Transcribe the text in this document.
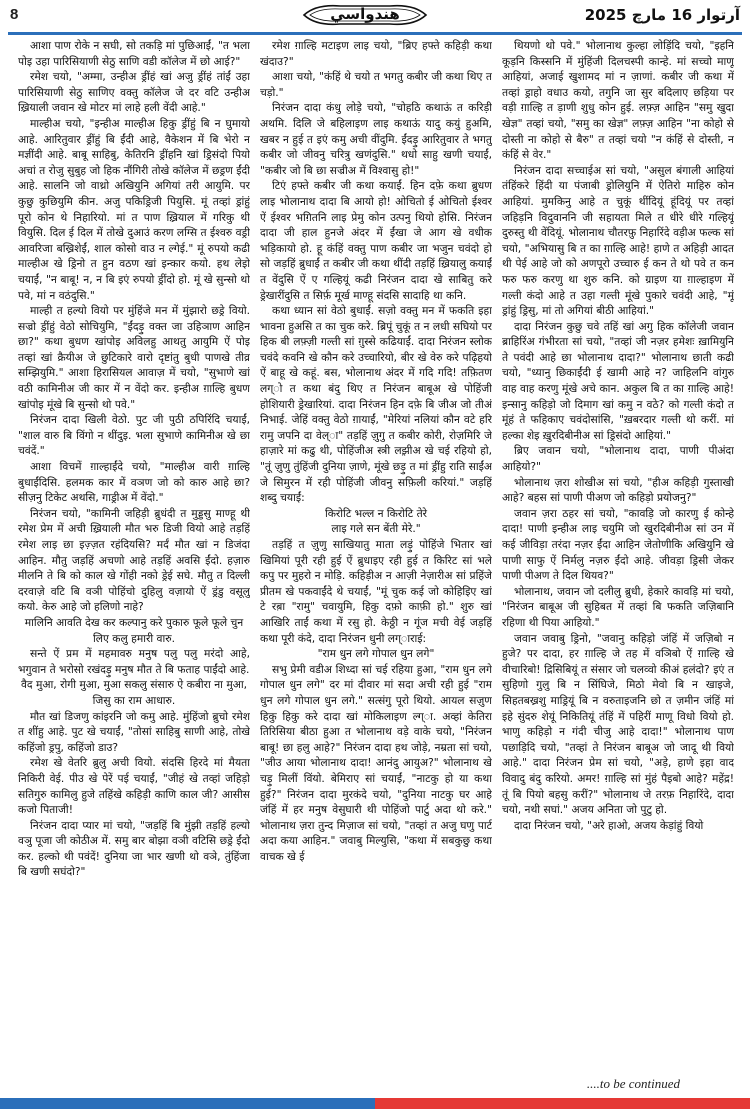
8	هندواسي	آرتوار 16 مارچ 2025

आशा पाण रोके न सघी, सो तकड़ि मां पुछिआईं, "त भला पोइ उहा पारिसियाणी सेठु साणि वडी कॉलेज में छो आई?"

रमेश चयो, "अम्मा, उन्हीअ ड्रींहं खां अजु ड्रींहं तांईं उहा पारिसियाणी सेठु साणिए वक्तु कॉलेज जे दर वटि उन्हीअ ख़्रियाली जवान खे मोटर मां लाहे हली वेंदी आहे."

माल्हीअ चयो, "इन्हीअ माल्हीअ हिकु ड्रींहुं बि न घुमायो आहे. आरितुवार ड्रींहुं बि ईंदी आहे, वैकेशन में बि भेरो न मज्ञींदी आहे. बाबू साहिबु, केतिरनि ड्रींहनि खां ड्रिसंदो पियो अचां त रोजु सुबुह जो हिक नौंगिरी तोखे कॉलेज में छड्रण ईंदी आहे. सालनि जो वाथ्रो अखियुनि अगियां तरी आयुमि. पर कुछु कुछियुमि कीन. अजु पकिड्रिजी पियुसि. मूं तव्हां ड्रांहुं पूरो कोन थे निहारियो. मां त पाण ख़्रियाल में गरिकु थी वियुसि. दिल ई दिल में तोखे दुआउं करण लग्सि त ईश्वरु वड्री आवरिजा बख्रिशेईं, शाल कोसो वाउ न ल्गेई." मूं रुपयो कढी माल्हीअ खे ड्रिनो त हुन वठण खां इन्कार कयो. हथ लेइो चयाईं, "न बाबू! न, न बि इएं रुपयो ड्रींदो हो. मूं खे सुन्सो थो पवे, मां न वठंदुसि."

माल्ही त हल्यो वियो पर मुंहिंजे मन में मुंझारो छड्रे वियो. सज्रो ड्रींहुं वेठो सोचियुमि, "ईंदड़ु वक्त जा उहिञाण आहिन छा?" कथा बुधण खांपोइ अविलहु आथतु आयुमि ऐं पोइ तव्हां खां क्रैयीअ जे छुटिकारे वारो दृष्टांतु बुधी पाणखे तीव्र सम्झियुमि." आशा हिरासियल आवाज़ में चयो, "सुभाणे खां वठी कामिनीअ जी कार में न वेंदो कर. इन्हीअ ग़ाल्हि बुधण खांपोइ मूंखे बि सुन्सो थो पवे."

निरंजन दादा खिली वेठो. पुट जी पुठी ठपिरिंदि चयाईं, "शाल वारु बि विंगो न थींदुइ. भला सुभाणे कामिनीअ खे छा चवंदें."

आशा विचमें ग़ाल्हाईंदे चयो, "माल्हीअ वारी ग़ाल्हि बुधाईंदिसि. हलमक कार में वञण जो को कारु आहे छा? सीज़नु टिकेट अथसि, गाड्रीअ में वेंदो."

निरंजन चयो, "कामिनी जहिड़ी ब्रुधंदी त मुड्डसु माण्हू थी रमेश प्रेम में अची ख़्रियाली मौत भरु डिजी वियो आहे तड़हिं रमेश लाइ छा इज़्ज़त रहंदियसि? मर्दं मौत खां न डिजंदा आहिन. मौतु जड़हिं अचणो आहे तड़हिं अवसि ईंदो. हज़ारु मीलनि ते बि को काल खे गोंही नको ड्रेई सघे. मौतु त दिल्ली दरवाज़े वटि बि वञी पोहिंचो दुहिलु वज़ायो ऐं ड्रंडु वसूलु कयो. केरु आहे जो हलिणो नाहे?

मालिनि आवति देख कर कल्पानु करे पुकारु फूले फूले चुन लिए कलु हमारी वारु.

सन्ते ऐं प्रम में महमावरु मनुष पलु पलु मरंदो आहे, भगुवान ते भरोसो रखंदड़ु मनुष मौत ते बि फताह पाईंदो आहे.

वैद मुआ, रोगी मुआ, मुआ सकलु संसारु ऐ कबीरा ना मुआ, जिसु का राम आधारु.

मौत खां डिजणु कांइरनि जो कमु आहे. मुंहिंजो ब्रुचो रमेश त शींहु आहे. पुट खे चयाईं, "तोसां साहिबु साणी आहे, तोखे कहिंजो ड्रपु, कहिंजो डाउ?

रमेश खे वेतरि ब्रुलु अची वियो. संदसि हिरदे मां मैयता निकिरी वेई. पीउ खे पेरें पई चयाईं, "जीहं खे तव्हां जहिड़ो सतिगुरु कामिलु हुजे तहिंखे कहिड़ी काणि काल जी? आसीस कजो पिताजी!

निरंजन दादा प्यार मां चयो, "जड़हिं बि मुंझी तड़हिं हल्यो वञु पूजा जी कोठीअ में. समु बार बोझा वञी वटिसि छड्रे ईंदो कर. हल्को थी पवंदें! दुनिया जा भार खणी थो वञे, तुंहिंजा बि खणी सघंदो?"

रमेश ग़ाल्हि मटाइण लाइ चयो, "ब्रिए हफ्ते कहिड़ी कथा खंदाउ?"

आशा चयो, "कंहिं थे चयो त भगतु कबीर जी कथा थिए त चड़ो."

निरंजन दादा कंधु लोड़े चयो, "चोहठि कथाऊं त करिड़ी अथमि. दिलि जे बहिलाइण लाइ कथाऊं यादु कयुं हुअमि, खबर न हुई त इएं कमु अची वींदुमि. ईंदड़ु आरितुवार ते भगतु कबीर जो जीवनु चरित्रु खणंदुसि." थधो साहु खणी चयाईं, "कबीर जो बि छा सज्रीअ में विश्वासु हो!"

टिएं हफ्ते कबीर जी कथा कयाईं. हिन दफ़े कथा ब्रुधण लाइ भोलानाथ दादा बि आयो हो! ओचितो ई ओचितो ईश्वर ऐं ईश्वर भग़ितनि लाइ प्रेमु कोन उत्पनु थियो होसि. निरंजन दादा जी हाल हुनजे अंदर में ईंखा जे आग खे वधीक भड़िकायो हो. हू कंहिं वक्तु पाण कबीर जा भजुन चवंदो हो सो जड़हिं ब्रुधाईं त कबीर जी कथा थींदी तड़हिं ख़्रियालु कयाईं त वेंदुसि ऐं ए गल्हियूं कढी निरंजन दादा खे साबितु करे ड्रेखारींदुसि त सिर्फ़ मूर्ख माण्हू संदसि सादाहि था कनि.

कथा ध्यान सां वेठो बुधाईं. सज़ो वक्तु मन में फकति इहा भावना हुअसि त का चुक करे. ब्रिपूं चुकूं त न लधी सघियो पर हिक बी लफ़्ज़ी गल्ती सां ग़ुस्से कढियाईं. दादा निरंजन स्लोक चवंदे कवनि खे कौन करे उच्चारियो, बीर खे वेरु करे पढ़िहयो ऐं बाहू खे कहूं. बस, भोलानाथ अंदर में गदि गदि! तफ़ितण लग्ो त कथा बंदु थिए त निरंजन बाबूअ खे पोहिंजी होशियारी ड्रेखारियां. दादा निरंजन हिन दफ़े बि जीअ जो तीअं निभाई. जेहिं वक्तु वेठो ग़ायाईं, "मेरियां नलियां कौन वटे हरि रामु जपनि दा वेल्ा" तड़हिं ज़ुगु त कबीर कोरी, रोज़मिरि जे हाज़ारे मां कढु थी, पोहिंजीअ स्त्री लझ़ीअ खे चई रहियो हो, "तूं ज़ुणु तुंहिंजी दुनिया ज़ाणे, मूंखे छड़ु त मां ड्रींहु राति साईंअ जे सिमुरन में रही पोहिंजी जीवनु सफ़िली करियां." जड़हिं शब्दु चयाईं:

किरोटि भल्ल न किरोटि तेरे

लाइ गले सन बेंती मेरे."

तड़हिं त ज़ुणु साखियातु माता लड़ुं पोहिंजे भितार खां खिमियां पूरी रही हुई ऐं ब्रुधाइए रही हुई त किरिट सां भले कपु पर मुहरो न मोड़ि. कहिड़ीअ न आज़ी नेज़ारीअ सां प्रहिंजे प्रीतम खे पकवाईंदे थे चयाईं, "मूं चुक कई जो कोहिइिए खां टे रब़ा "रामु" चवायुमि, हिकु दफ़ो काफ़ी हो." शुरु खां आखिरि ताईं कथा में रसु हो. केठ्ठी न गूंज मची वेई जड़हिं कथा पूरी कंदे, दादा निरंजन धुनी लग्ाराई:

"राम धुन लगे गोपाल धुन लगे"

सभु प्रेमी वडीअ शिध्दा सां चई रहिया हुआ, "राम धुन लगे गोपाल धुन लगे" दर मां दीवार मां सदा अची रही हुई "राम धुन लगे गोपाल धुन लगे." सत्संगु पूरो थियो. आयल सज़ुण हिकु हिकु करे दादा खां मोकिलाइण ल्ग्ा. अव्हां केतिरा तिरिसिया बीठा हुआ त भोलानाथ वड़े वाके चयो, "निरंजन बाबू! छा हलु आहे?" निरंजन दादा हथ जोड़े, नम्रता सां चयो, "जीउ आया भोलानाथ दादा! आनंदु आयुअ?" भोलानाथ खे चड़ु मिलीं विंयो. बेमिराए सां चयाईं, "नाटकु हो या कथा हुई?" निरंजन दादा मुरकंदे चयो, "दुनिया नाटकु घर आहे जंहिं में हर मनुष वेसुघारी थी पोहिंजो पार्टु अदा थो करे." भोलानाथ ज़रा तुन्द मिज़ाज सां चयो, "तव्हां त अजु घणु पार्ट अदा कया आहिन." जवाबु मिल्युसि, "कथा में सबकुछु कथा वाचक खे ई

थियणो थो पवे." भोलानाथ कुल्हा लोड़िंदि चयो, "इहनि कूड़नि किस्सनि में मुंहिंजी दिलचस्पी कान्हे. मां सच्चो माणू आहियां, अजाई खुशामद मां न ज़ाणां. कबीर जी कथा में तव्हां ड्राहो वधाउ कयो, तगुनि जा सुर बदिलाए छड़िया पर वड़ी ग़ाल्हि त ड़ाणी शुधु कोन हुई. लफ़्ज़ आहिन "समु खुदा खेज्ञ" तव्हां चयो, "समु का खेज्ञ" लफ़्ज़ आहिन "ना कोहो से दोस्ती ना कोहो से बैरु" त तव्हां चयो "न कंहिं से दोस्ती, न कंहिं से वेर."

निरंजन दादा सच्चाईअ सां चयो, "असुल बंगाली आहियां तंहिंकरे हिंदी या पंजाबी ड्रोलियुनि में ऐतिरो माहिरु कोन आहियां. मुमकिनु आहे त चुकूं थींदियूं हूंदियूं पर तव्हां जहिड़नि विदुवाननि जी सहायता मिले त धीरे धीरे गल्हियूं दुरुस्तु थी वेंदियूं. भोलानाथ चौतरफ़ु निहारिंदे वड़ीअ फल्क सां चयो, "अभियासु बि त का ग़ाल्हि आहे! हाणे त अहिड़ी आदत थी पेई आहे जो को अणपूरो उच्चारु ई कन ते थो पवे त कन फरु फरु करणु था शुरु कनि. को ग्राइण या ग़ाल्हाइण में गल्ती कंदो आहे त उहा गल्ती मूंखे पुकारे चवंदी आहे, "मूं ड्रांहुं ड्रिसु, मां तो अगियां बीठी आहियां."

दादा निरंजन कुछु चवे तहिं खां अगु हिक कॉलेजी जवान ब्राहिरिंअ गंभीरता सां चयो, "तव्हां जी नज़र हमेशः ख़ामियुनि ते पवंदी आहे छा भोलानाथ दादा?" भोलानाथ छाती कढी चयो, "ध्यानु छिकाईंदी ई खामी आहे न? जाहिलनि वांगुरु वाह वाह करणु मूंखे अचे कान. अकुल बि त का ग़ाल्हि आहे! इन्सानु कहिड़ो जो दिमाग खां कमु न वठे? को गल्ती कंदो त मूंहं ते फहिकाए चवंदोसांसि, "ख़बरदार गल्ती थो करीं. मां हल्का शेइ ख़ुरदिबीनीअ सां ड्रिसंदो आहियां."

ब्रिए जवान चयो, "भोलानाथ दादा, पाणी पीअंदा आहियो?"

भोलानाथ ज़रा शोखीअ सां चयो, "हीअ कहिड़ी गुस्ताखी आहे? बहस सां पाणी पीअण जो कहिड़ो प्रयोजनु?"

जवान ज़रा ठहर सां चयो, "कावड़ि जो कारणु ई कोन्हे दादा! पाणी इन्हीअ लाइ चयुमि जो खुरदिबीनीअ सां उन में कई जीविड़ा तरंदा नज़र ईंदा आहिन जेतोणीकि अखियुनि खे पाणी साफु ऐं निर्मलु नज़रु ईंदो आहे. जीवड़ा ड्रिसी जेकर पाणी पीअण ते दिल थियव?"

भोलानाथ, जवान जो दलीलु ब्रुधी, हेकारे कावड़ि मां चयो, "निरंजन बाबूअ जी सुहिबत में तव्हां बि फकति जज़िबानि रहिणा थी पिया आहियो."

जवान जवाबु ड्रिनो, "जवानु कहिड़ो जंहिं में जज़िबो न हुजे? पर दादा, हर ग़ाल्हि जे तह में वञिबो ऐं ग़ाल्हि खे वीचारिबो! द्रिसिबियूं त संसार जो चलव्वो कीअं हलंदो? इएं त सुहिणो गुलु बि न सिंघिजे, मिठो मेवो बि न खाइजे, सिहतबख्रशु माड्रियूं बि न वरुताइजनि छो त ज़मीन जंहिं मां इहे सुंदरु शेयूं निकितियूं तंहिं में पहिरीं माणू विधो वियो हो. भाणु कहिड़ो न गंदी चीजु आहे दादा!" भोलानाथ पाण पछाड़िदि चयो, "तव्हां ते निरंजन बाबूअ जो जादू थी वियो आहे." दादा निरंजन प्रेम सां चयो, "अड़े, हाणे इहा वाद विवादु बंदु करियो. अमर! ग़ाल्हि सां मुंहं पैइबो आहे? महेंद्र! तूं बि पियो बहसु करीं?" भोलानाथ जे तरफ़ निहारिंदे, दादा चयो, नथी सघां." अजय अनिता जो पुटु हो.

दादा निरंजन चयो, "अरे हाओ, अजय केड़ांहुं वियो

....to be continued
